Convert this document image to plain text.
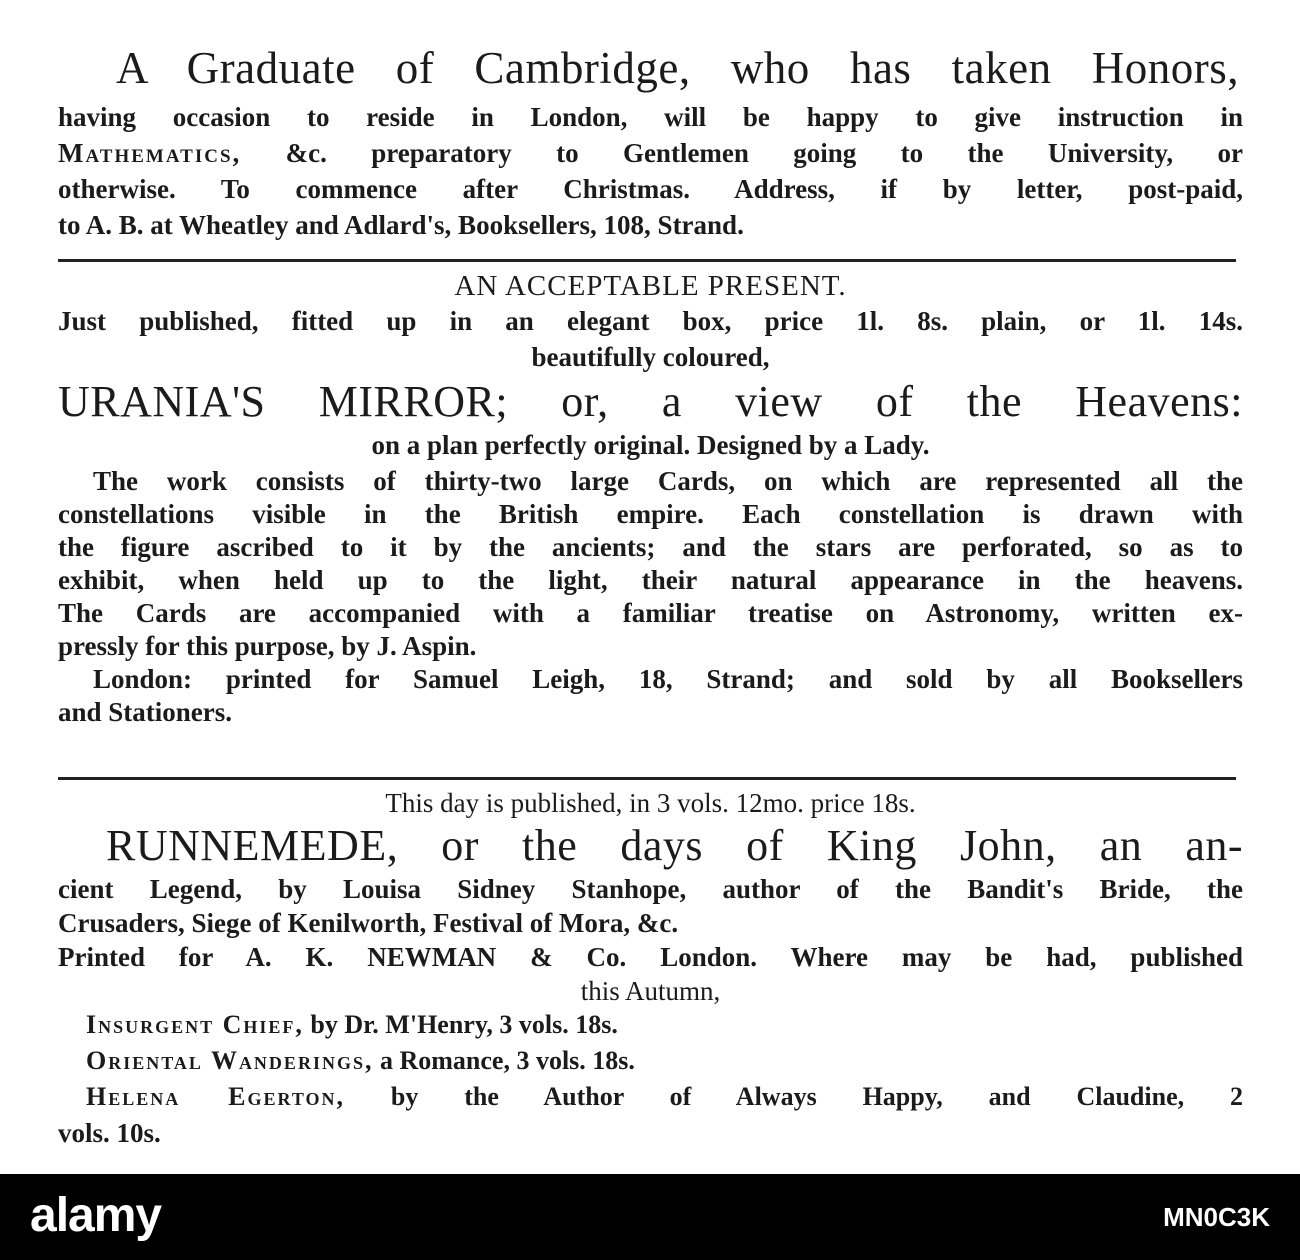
A Graduate of Cambridge, who has taken Honors,
having occasion to reside in London, will be happy to give instruction in
Mathematics, &c. preparatory to Gentlemen going to the University, or
otherwise. To commence after Christmas. Address, if by letter, post-paid,
to A. B. at Wheatley and Adlard's, Booksellers, 108, Strand.
AN ACCEPTABLE PRESENT.
Just published, fitted up in an elegant box, price 1l. 8s. plain, or 1l. 14s.
beautifully coloured,
URANIA'S MIRROR; or, a view of the Heavens:
on a plan perfectly original. Designed by a Lady.
The work consists of thirty-two large Cards, on which are represented all the
constellations visible in the British empire. Each constellation is drawn with
the figure ascribed to it by the ancients; and the stars are perforated, so as to
exhibit, when held up to the light, their natural appearance in the heavens.
The Cards are accompanied with a familiar treatise on Astronomy, written ex-
pressly for this purpose, by J. Aspin.
London: printed for Samuel Leigh, 18, Strand; and sold by all Booksellers
and Stationers.
This day is published, in 3 vols. 12mo. price 18s.
RUNNEMEDE, or the days of King John, an an-
cient Legend, by Louisa Sidney Stanhope, author of the Bandit's Bride, the
Crusaders, Siege of Kenilworth, Festival of Mora, &c.
Printed for A. K. NEWMAN & Co. London. Where may be had, published
this Autumn,
Insurgent Chief, by Dr. M'Henry, 3 vols. 18s.
Oriental Wanderings, a Romance, 3 vols. 18s.
Helena Egerton, by the Author of Always Happy, and Claudine, 2
vols. 10s.
alamy	MN0C3K
